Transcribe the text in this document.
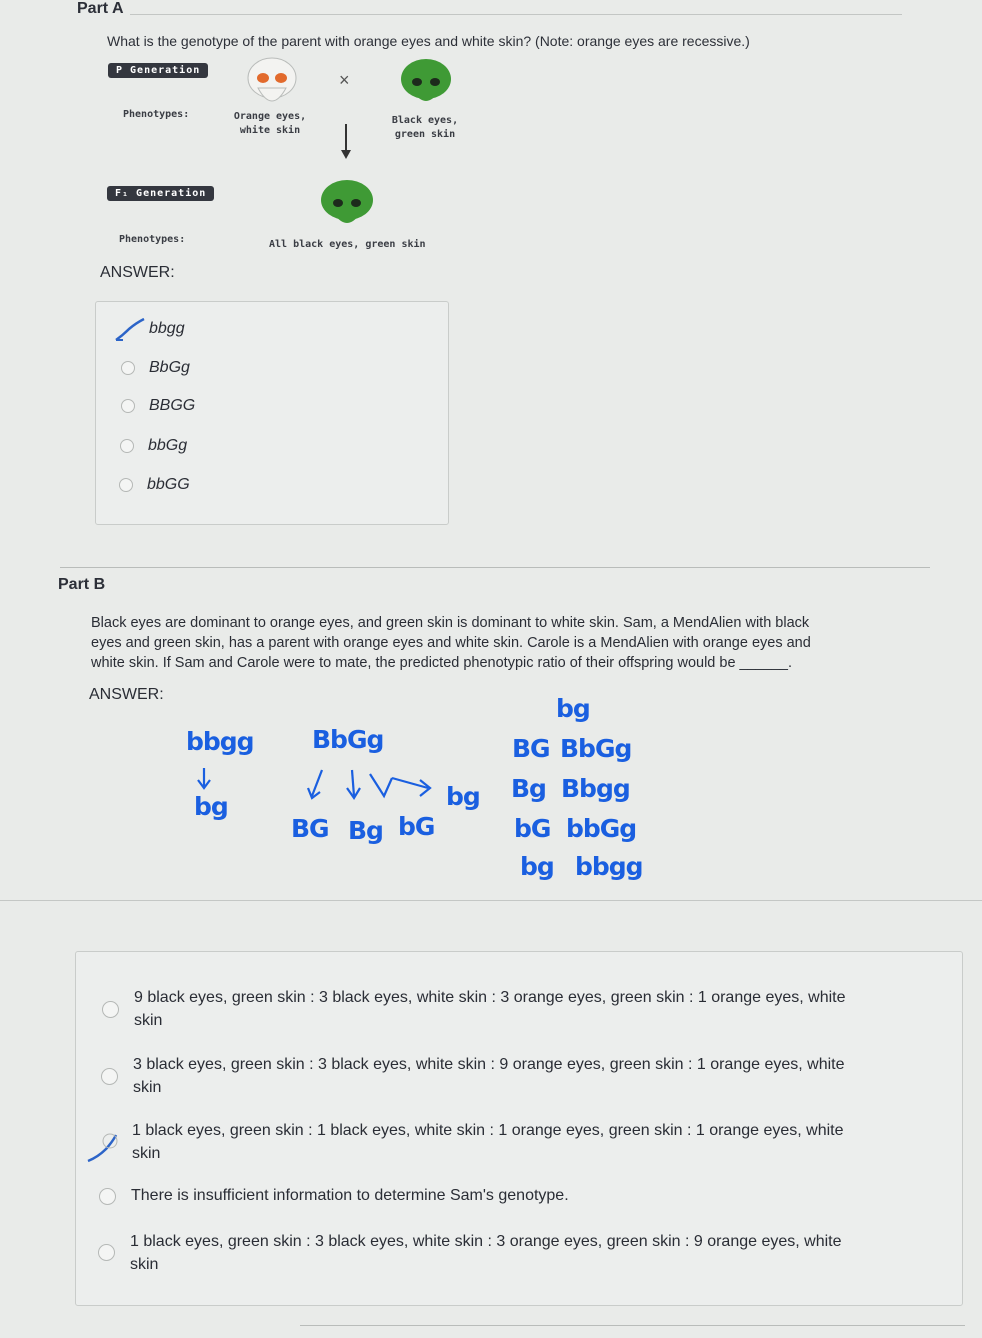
Part A
What is the genotype of the parent with orange eyes and white skin? (Note: orange eyes are recessive.)
P Generation	×
Phenotypes:	Orange eyes,
white skin
Black eyes,
green skin
F₁ Generation
Phenotypes:	All black eyes, green skin
ANSWER:
bbgg
BbGg
BBGG
bbGg
bbGG
Part B
Black eyes are dominant to orange eyes, and green skin is dominant to white skin. Sam, a MendAlien with black
eyes and green skin, has a parent with orange eyes and white skin. Carole is a MendAlien with orange eyes and
white skin. If Sam and Carole were to mate, the predicted phenotypic ratio of their offspring would be ______.
ANSWER:
bbgg
bg
BbGg
BG Bg bG
bg
bg
BG BbGg
Bg Bbgg
bG bbGg
bg bbgg
9 black eyes, green skin : 3 black eyes, white skin : 3 orange eyes, green skin : 1 orange eyes, white
skin
3 black eyes, green skin : 3 black eyes, white skin : 9 orange eyes, green skin : 1 orange eyes, white
skin
1 black eyes, green skin : 1 black eyes, white skin : 1 orange eyes, green skin : 1 orange eyes, white
skin
There is insufficient information to determine Sam's genotype.
1 black eyes, green skin : 3 black eyes, white skin : 3 orange eyes, green skin : 9 orange eyes, white
skin
